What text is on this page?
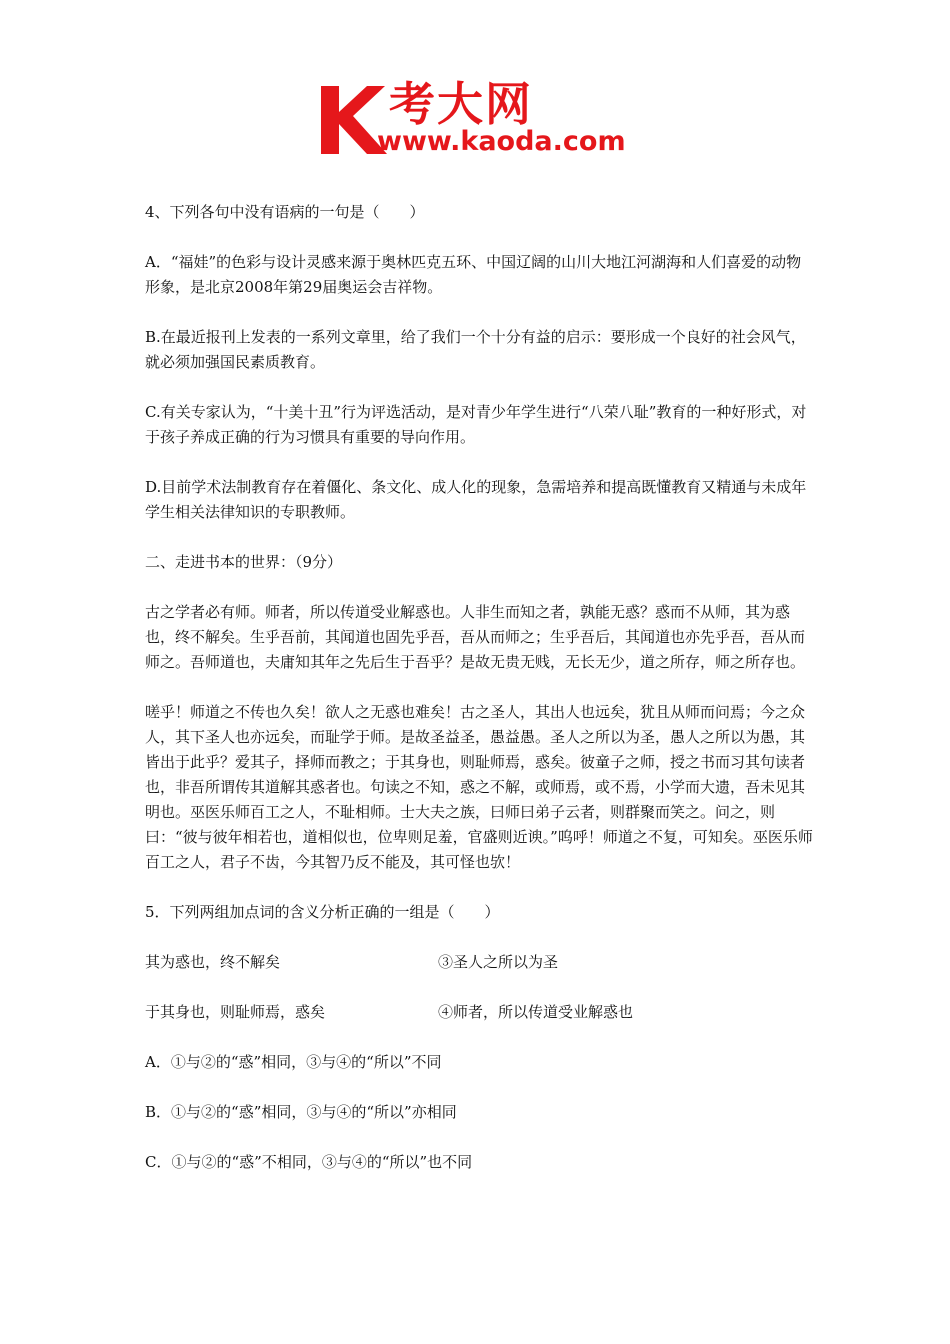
考大网
www.kaoda.com

4、下列各句中没有语病的一句是（　　）

A．“福娃”的色彩与设计灵感来源于奥林匹克五环、中国辽阔的山川大地江河湖海和人们喜爱的动物形象，是北京2008年第29届奥运会吉祥物。

B.在最近报刊上发表的一系列文章里，给了我们一个十分有益的启示：要形成一个良好的社会风气，就必须加强国民素质教育。

C.有关专家认为，“十美十丑”行为评选活动，是对青少年学生进行“八荣八耻”教育的一种好形式，对于孩子养成正确的行为习惯具有重要的导向作用。

D.目前学术法制教育存在着僵化、条文化、成人化的现象，急需培养和提高既懂教育又精通与未成年学生相关法律知识的专职教师。

二、走进书本的世界：（9分）

古之学者必有师。师者，所以传道受业解惑也。人非生而知之者，孰能无惑？惑而不从师，其为惑也，终不解矣。生乎吾前，其闻道也固先乎吾，吾从而师之；生乎吾后，其闻道也亦先乎吾，吾从而师之。吾师道也，夫庸知其年之先后生于吾乎？是故无贵无贱，无长无少，道之所存，师之所存也。

嗟乎！师道之不传也久矣！欲人之无惑也难矣！古之圣人，其出人也远矣，犹且从师而问焉；今之众人，其下圣人也亦远矣，而耻学于师。是故圣益圣，愚益愚。圣人之所以为圣，愚人之所以为愚，其皆出于此乎？爱其子，择师而教之；于其身也，则耻师焉，惑矣。彼童子之师，授之书而习其句读者也，非吾所谓传其道解其惑者也。句读之不知，惑之不解，或师焉，或不焉，小学而大遗，吾未见其明也。巫医乐师百工之人，不耻相师。士大夫之族，曰师曰弟子云者，则群聚而笑之。问之，则曰：“彼与彼年相若也，道相似也，位卑则足羞，官盛则近谀。”呜呼！师道之不复，可知矣。巫医乐师百工之人，君子不齿，今其智乃反不能及，其可怪也欤！

5．下列两组加点词的含义分析正确的一组是（　　）

其为惑也，终不解矣	③圣人之所以为圣
于其身也，则耻师焉，惑矣	④师者，所以传道受业解惑也

A．①与②的“惑”相同，③与④的“所以”不同

B．①与②的“惑”相同，③与④的“所以”亦相同

C．①与②的“惑”不相同，③与④的“所以”也不同
